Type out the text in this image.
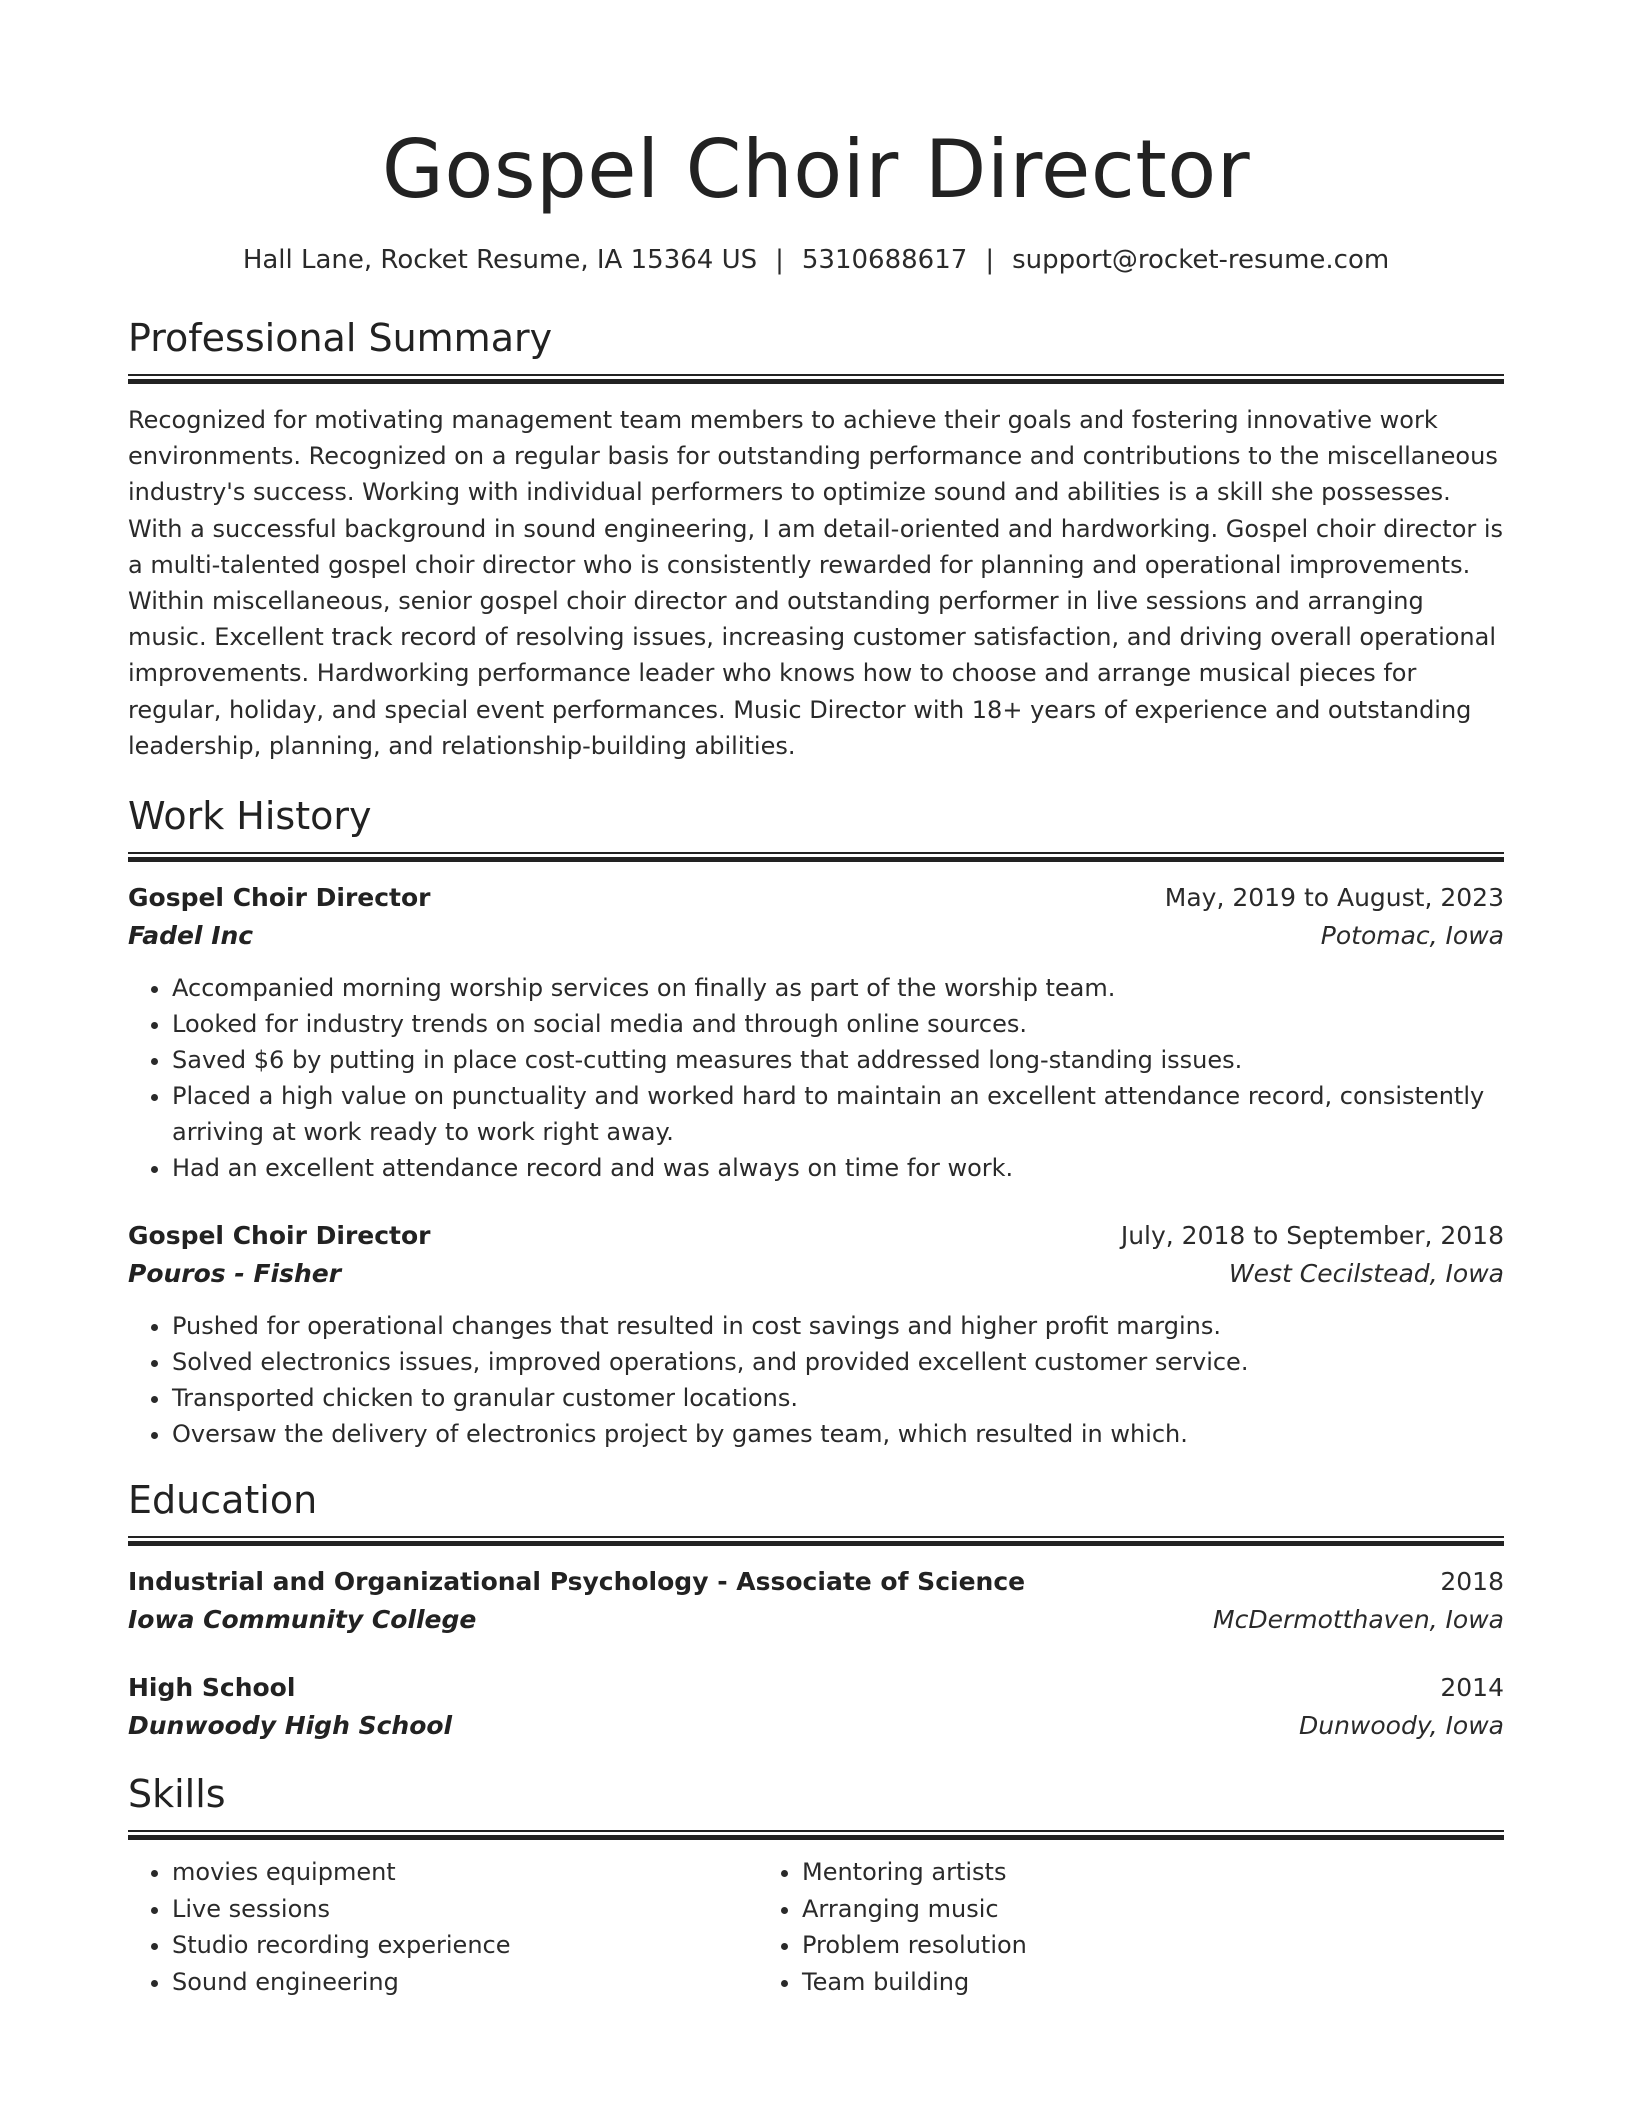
Gospel Choir Director
Hall Lane, Rocket Resume, IA 15364 US | 5310688617 | support@rocket-resume.com
Professional Summary
Recognized for motivating management team members to achieve their goals and fostering innovative work environments. Recognized on a regular basis for outstanding performance and contributions to the miscellaneous industry's success. Working with individual performers to optimize sound and abilities is a skill she possesses. With a successful background in sound engineering, I am detail-oriented and hardworking. Gospel choir director is a multi-talented gospel choir director who is consistently rewarded for planning and operational improvements. Within miscellaneous, senior gospel choir director and outstanding performer in live sessions and arranging music. Excellent track record of resolving issues, increasing customer satisfaction, and driving overall operational improvements. Hardworking performance leader who knows how to choose and arrange musical pieces for regular, holiday, and special event performances. Music Director with 18+ years of experience and outstanding leadership, planning, and relationship-building abilities.
Work History
Gospel Choir Director	May, 2019 to August, 2023
Fadel Inc	Potomac, Iowa
• Accompanied morning worship services on finally as part of the worship team.
• Looked for industry trends on social media and through online sources.
• Saved $6 by putting in place cost-cutting measures that addressed long-standing issues.
• Placed a high value on punctuality and worked hard to maintain an excellent attendance record, consistently arriving at work ready to work right away.
• Had an excellent attendance record and was always on time for work.
Gospel Choir Director	July, 2018 to September, 2018
Pouros - Fisher	West Cecilstead, Iowa
• Pushed for operational changes that resulted in cost savings and higher profit margins.
• Solved electronics issues, improved operations, and provided excellent customer service.
• Transported chicken to granular customer locations.
• Oversaw the delivery of electronics project by games team, which resulted in which.
Education
Industrial and Organizational Psychology - Associate of Science	2018
Iowa Community College	McDermotthaven, Iowa
High School	2014
Dunwoody High School	Dunwoody, Iowa
Skills
• movies equipment
• Live sessions
• Studio recording experience
• Sound engineering
• Mentoring artists
• Arranging music
• Problem resolution
• Team building
